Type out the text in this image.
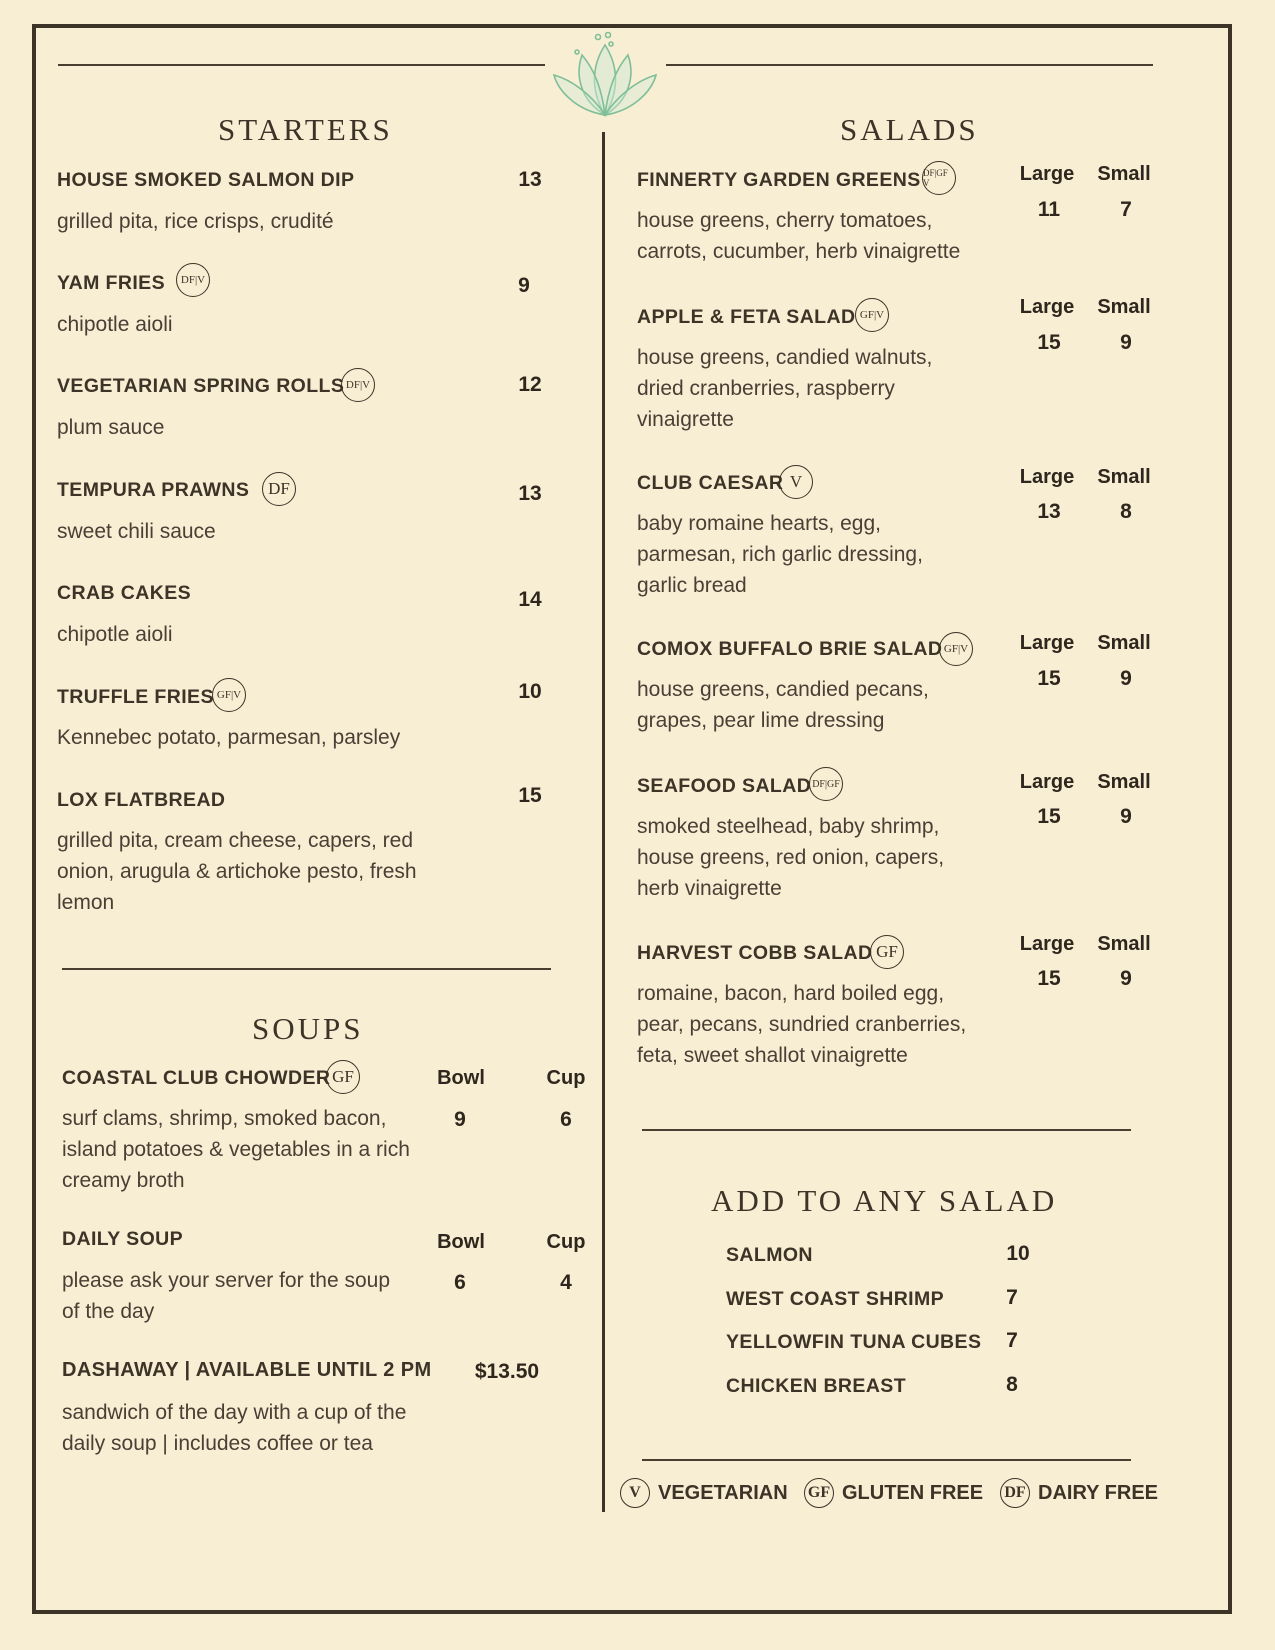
STARTERS
HOUSE SMOKED SALMON DIP	13
grilled pita, rice crisps, crudité
YAM FRIES	DF|V	9
chipotle aioli
VEGETARIAN SPRING ROLLS DF|V	12
plum sauce
TEMPURA PRAWNS	DF	13
sweet chili sauce
CRAB CAKES	14
chipotle aioli
TRUFFLE FRIES GF|V	10
Kennebec potato, parmesan, parsley
LOX FLATBREAD	15
grilled pita, cream cheese, capers, red onion, arugula & artichoke pesto, fresh lemon
SOUPS
COASTAL CLUB CHOWDER GF	Bowl	Cup
surf clams, shrimp, smoked bacon, island potatoes & vegetables in a rich creamy broth
9	6
DAILY SOUP	Bowl	Cup
please ask your server for the soup of the day
6	4
DASHAWAY | AVAILABLE UNTIL 2 PM	$13.50
sandwich of the day with a cup of the daily soup | includes coffee or tea
SALADS
FINNERTY GARDEN GREENS DF|GF V	Large	Small
11	7
house greens, cherry tomatoes, carrots, cucumber, herb vinaigrette
APPLE & FETA SALAD GF|V	Large	Small
15	9
house greens, candied walnuts, dried cranberries, raspberry vinaigrette
CLUB CAESAR V	Large	Small
13	8
baby romaine hearts, egg, parmesan, rich garlic dressing, garlic bread
COMOX BUFFALO BRIE SALAD GF|V	Large	Small
15	9
house greens, candied pecans, grapes, pear lime dressing
SEAFOOD SALAD DF|GF	Large	Small
15	9
smoked steelhead, baby shrimp, house greens, red onion, capers, herb vinaigrette
HARVEST COBB SALAD GF	Large	Small
15	9
romaine, bacon, hard boiled egg, pear, pecans, sundried cranberries, feta, sweet shallot vinaigrette
ADD TO ANY SALAD
SALMON	10
WEST COAST SHRIMP	7
YELLOWFIN TUNA CUBES	7
CHICKEN BREAST	8
V VEGETARIAN GF GLUTEN FREE DF DAIRY FREE
